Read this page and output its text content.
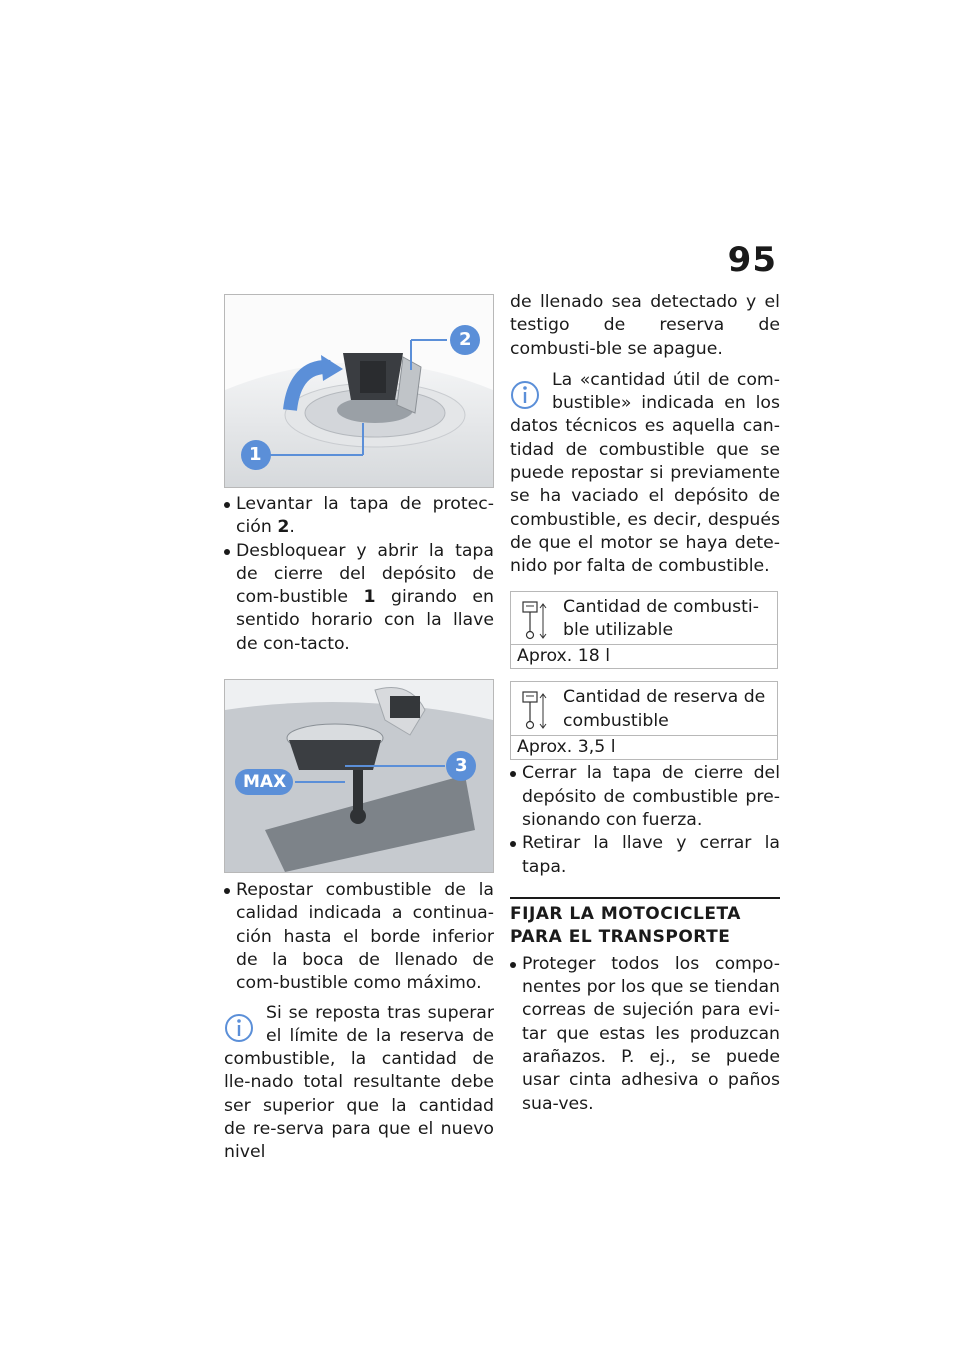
95
1
2
Levantar la tapa de protec-ción 2.
Desbloquear y abrir la tapa de cierre del depósito de com-bustible 1 girando en sentido horario con la llave de con-tacto.
MAX
3
Repostar combustible de la calidad indicada a continua-ción hasta el borde inferior de la boca de llenado de com-bustible como máximo.
Si se reposta tras superar el límite de la reserva de combustible, la cantidad de lle-nado total resultante debe ser superior que la cantidad de re-serva para que el nuevo nivel
de llenado sea detectado y el testigo de reserva de combusti-ble se apague.
La «cantidad útil de com-bustible» indicada en los datos técnicos es aquella can-tidad de combustible que se puede repostar si previamente se ha vaciado el depósito de combustible, es decir, después de que el motor se haya dete-nido por falta de combustible.
Cantidad de combusti-ble utilizable

Aprox. 18 l
Cantidad de reserva de combustible

Aprox. 3,5 l
Cerrar la tapa de cierre del depósito de combustible pre-sionando con fuerza.
Retirar la llave y cerrar la tapa.
FIJAR LA MOTOCICLETA
PARA EL TRANSPORTE
Proteger todos los compo-nentes por los que se tiendan correas de sujeción para evi-tar que estas les produzcan arañazos. P. ej., se puede usar cinta adhesiva o paños sua-ves.
